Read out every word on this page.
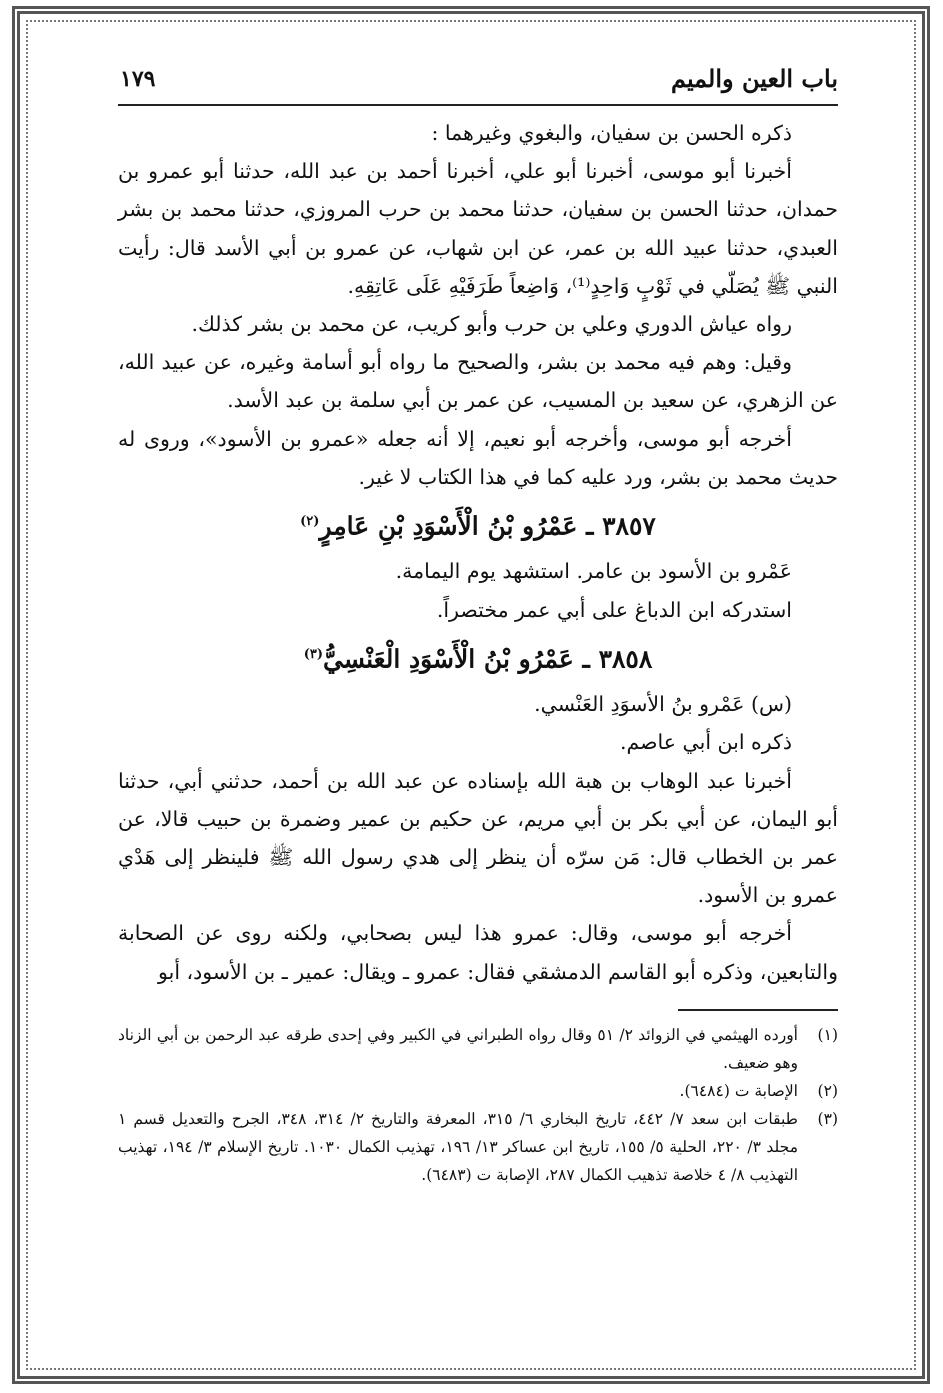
باب العين والميم
١٧٩

ذكره الحسن بن سفيان، والبغوي وغيرهما :

أخبرنا أبو موسى، أخبرنا أبو علي، أخبرنا أحمد بن عبد الله، حدثنا أبو عمرو بن حمدان، حدثنا الحسن بن سفيان، حدثنا محمد بن حرب المروزي، حدثنا محمد بن بشر العبدي، حدثنا عبيد الله بن عمر، عن ابن شهاب، عن عمرو بن أبي الأسد قال: رأيت النبي ﷺ يُصَلّي في ثَوْبٍ وَاحِدٍ⁽¹⁾، وَاضِعاً طَرَفَيْهِ عَلَى عَاتِقِهِ.

رواه عياش الدوري وعلي بن حرب وأبو كريب، عن محمد بن بشر كذلك.

وقيل: وهم فيه محمد بن بشر، والصحيح ما رواه أبو أسامة وغيره، عن عبيد الله، عن الزهري، عن سعيد بن المسيب، عن عمر بن أبي سلمة بن عبد الأسد.

أخرجه أبو موسى، وأخرجه أبو نعيم، إلا أنه جعله «عمرو بن الأسود»، وروى له حديث محمد بن بشر، ورد عليه كما في هذا الكتاب لا غير.

٣٨٥٧ ـ عَمْرُو بْنُ الْأَسْوَدِ بْنِ عَامِرٍ$^{(٢)}$

عَمْرو بن الأسود بن عامر. استشهد يوم اليمامة.

استدركه ابن الدباغ على أبي عمر مختصراً.

٣٨٥٨ ـ عَمْرُو بْنُ الْأَسْوَدِ الْعَنْسِيُّ$^{(٣)}$

(س) عَمْرو بنُ الأسوَدِ العَنْسي.

ذكره ابن أبي عاصم.

أخبرنا عبد الوهاب بن هبة الله بإسناده عن عبد الله بن أحمد، حدثني أبي، حدثنا أبو اليمان، عن أبي بكر بن أبي مريم، عن حكيم بن عمير وضمرة بن حبيب قالا، عن عمر بن الخطاب قال: مَن سرّه أن ينظر إلى هدي رسول الله ﷺ فلينظر إلى هَدْي عمرو بن الأسود.

أخرجه أبو موسى، وقال: عمرو هذا ليس بصحابي، ولكنه روى عن الصحابة والتابعين، وذكره أبو القاسم الدمشقي فقال: عمرو ـ ويقال: عمير ـ بن الأسود، أبو

(١)
أورده الهيثمي في الزوائد ٢/ ٥١ وقال رواه الطبراني في الكبير وفي إحدى طرقه عبد الرحمن بن أبي الزناد وهو ضعيف.
(٢)
الإصابة ت (٦٤٨٤).
(٣)
طبقات ابن سعد ٧/ ٤٤٢، تاريخ البخاري ٦/ ٣١٥، المعرفة والتاريخ ٢/ ٣١٤، ٣٤٨، الجرح والتعديل قسم ١ مجلد ٣/ ٢٢٠، الحلية ٥/ ١٥٥، تاريخ ابن عساكر ١٣/ ١٩٦، تهذيب الكمال ١٠٣٠. تاريخ الإسلام ٣/ ١٩٤، تهذيب التهذيب ٨/ ٤ خلاصة تذهيب الكمال ٢٨٧، الإصابة ت (٦٤٨٣).
